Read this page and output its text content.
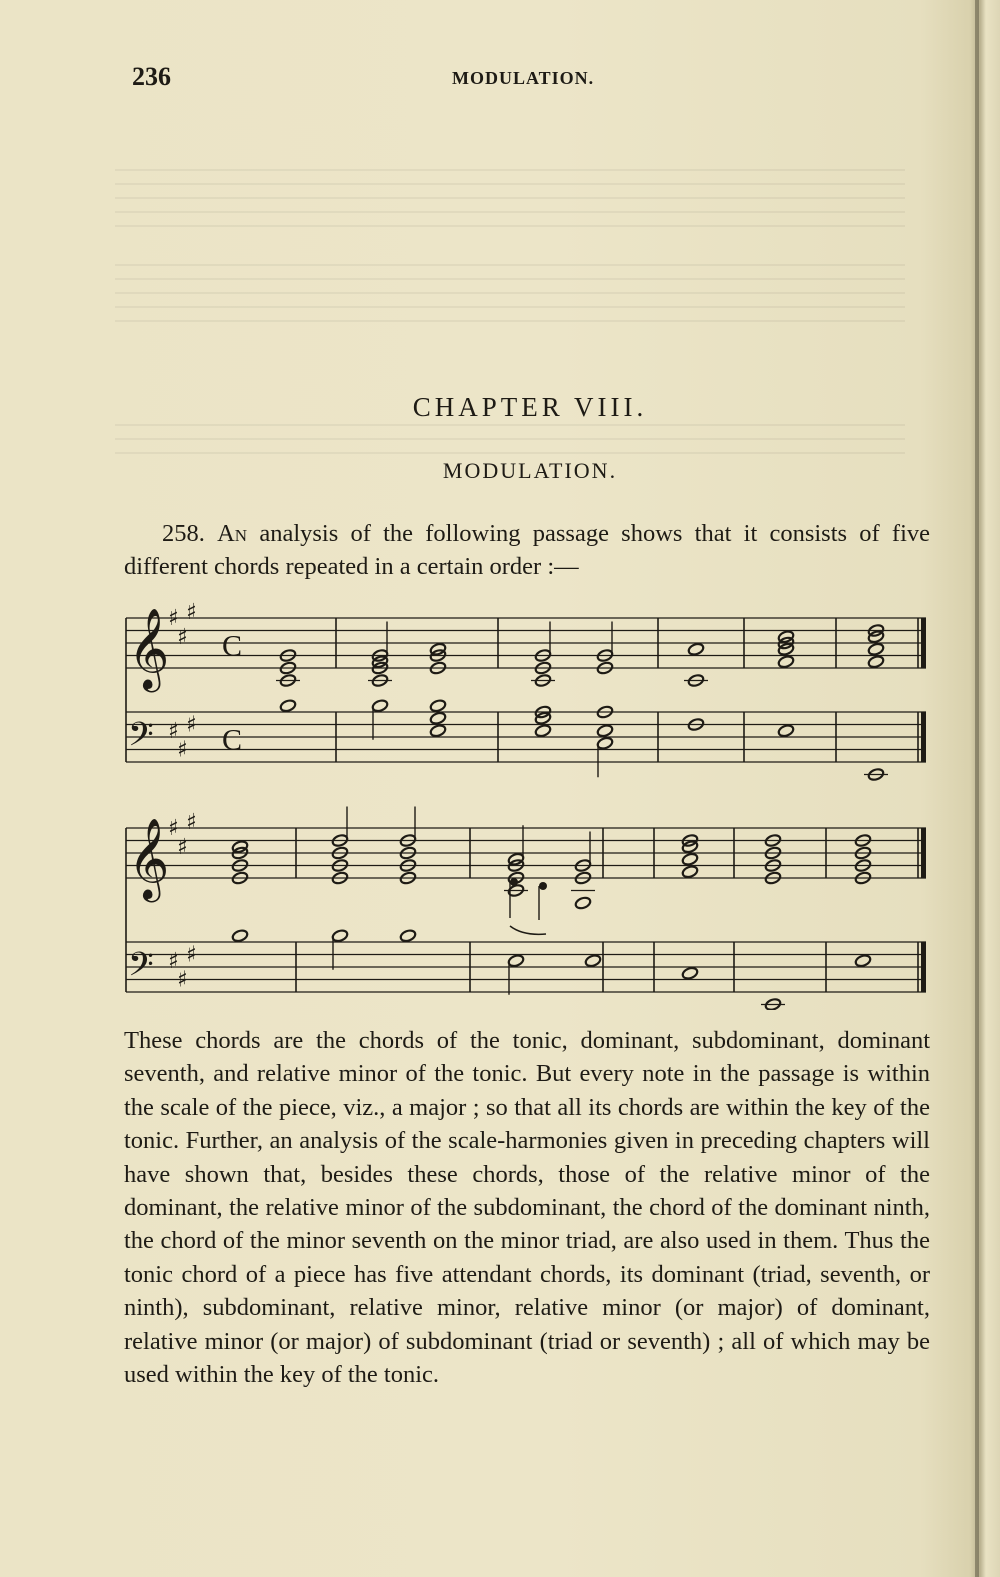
236	MODULATION.
CHAPTER VIII.
MODULATION.
258. An analysis of the following passage shows that it consists of five different chords repeated in a certain order :—
𝄞
𝄢
♯
♯
♯
♯
♯
♯
C
C
𝄞
𝄢
♯
♯
♯
♯
♯
♯
These chords are the chords of the tonic, dominant, subdominant, dominant seventh, and relative minor of the tonic. But every note in the passage is within the scale of the piece, viz., a major ; so that all its chords are within the key of the tonic. Further, an analysis of the scale-harmonies given in preceding chapters will have shown that, besides these chords, those of the relative minor of the dominant, the relative minor of the subdominant, the chord of the dominant ninth, the chord of the minor seventh on the minor triad, are also used in them. Thus the tonic chord of a piece has five attendant chords, its dominant (triad, seventh, or ninth), subdominant, relative minor, relative minor (or major) of dominant, relative minor (or major) of subdominant (triad or seventh) ; all of which may be used within the key of the tonic.
